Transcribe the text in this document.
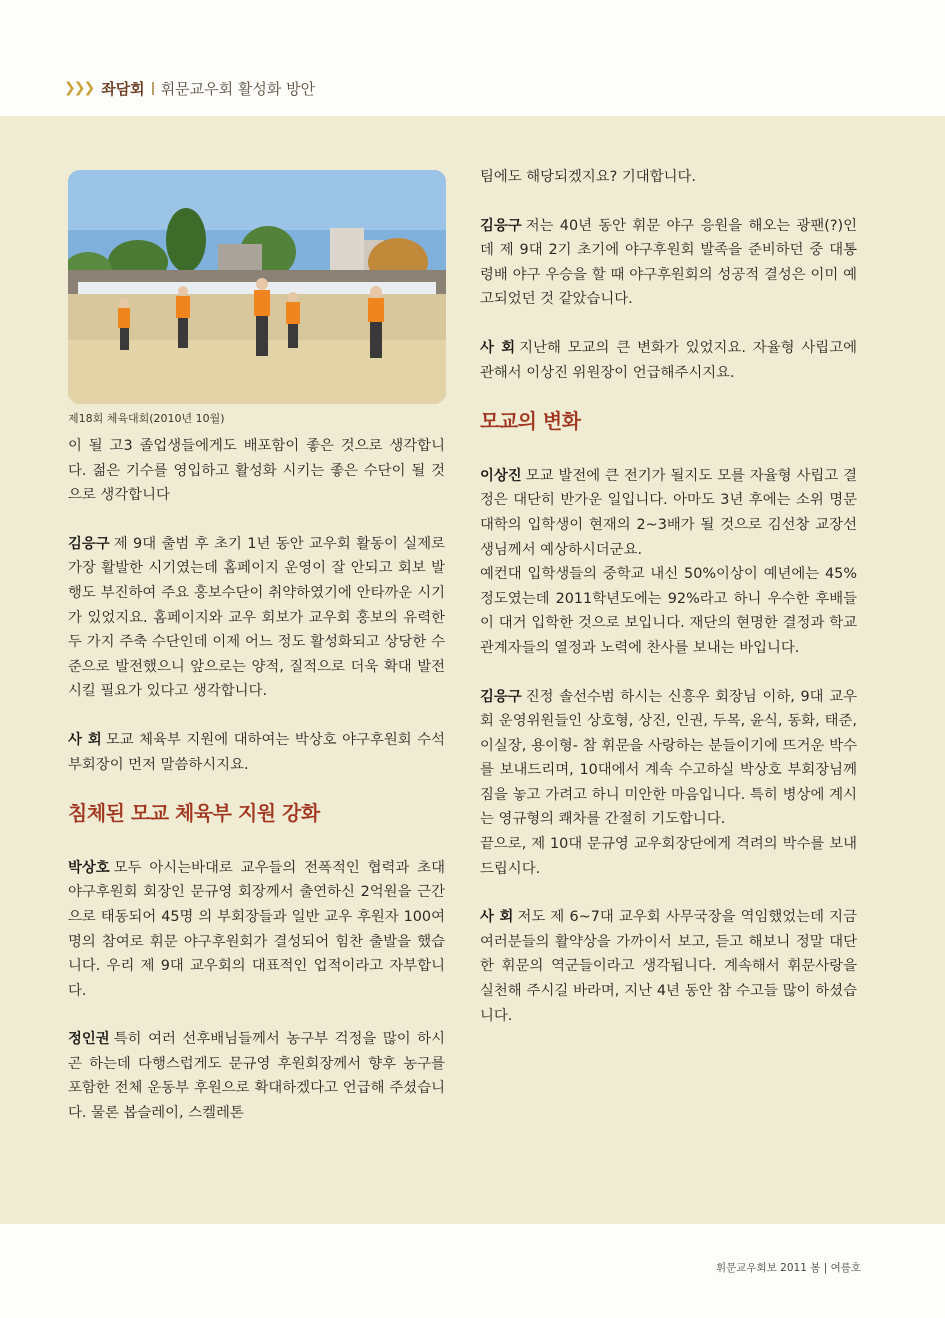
❯❯❯ 좌담회 휘문교우회 활성화 방안
제18회 체육대회(2010년 10월)

이 될 고3 졸업생들에게도 배포함이 좋은 것으로 생각합니다. 젊은 기수를 영입하고 활성화 시키는 좋은 수단이 될 것으로 생각합니다

김응구 제 9대 출범 후 초기 1년 동안 교우회 활동이 실제로 가장 활발한 시기였는데 홈페이지 운영이 잘 안되고 회보 발행도 부진하여 주요 홍보수단이 취약하였기에 안타까운 시기가 있었지요. 홈페이지와 교우 회보가 교우회 홍보의 유력한 두 가지 주축 수단인데 이제 어느 정도 활성화되고 상당한 수준으로 발전했으니 앞으로는 양적, 질적으로 더욱 확대 발전시킬 필요가 있다고 생각합니다.

사 회 모교 체육부 지원에 대하여는 박상호 야구후원회 수석부회장이 먼저 말씀하시지요.

침체된 모교 체육부 지원 강화

박상호 모두 아시는바대로 교우들의 전폭적인 협력과 초대 야구후원회 회장인 문규영 회장께서 출연하신 2억원을 근간으로 태동되어 45명 의 부회장들과 일반 교우 후원자 100여명의 참여로 휘문 야구후원회가 결성되어 힘찬 출발을 했습니다. 우리 제 9대 교우회의 대표적인 업적이라고 자부합니다.

정인권 특히 여러 선후배님들께서 농구부 걱정을 많이 하시곤 하는데 다행스럽게도 문규영 후원회장께서 향후 농구를 포함한 전체 운동부 후원으로 확대하겠다고 언급해 주셨습니다. 물론 봅슬레이, 스켈레톤

팀에도 해당되겠지요? 기대합니다.

김응구 저는 40년 동안 휘문 야구 응원을 해오는 광팬(?)인데 제 9대 2기 초기에 야구후원회 발족을 준비하던 중 대통령배 야구 우승을 할 때 야구후원회의 성공적 결성은 이미 예고되었던 것 같았습니다.

사 회 지난해 모교의 큰 변화가 있었지요. 자율형 사립고에 관해서 이상진 위원장이 언급해주시지요.

모교의 변화

이상진 모교 발전에 큰 전기가 될지도 모를 자율형 사립고 결정은 대단히 반가운 일입니다. 아마도 3년 후에는 소위 명문 대학의 입학생이 현재의 2~3배가 될 것으로 김선창 교장선생님께서 예상하시더군요.

예컨대 입학생들의 중학교 내신 50%이상이 예년에는 45% 정도였는데 2011학년도에는 92%라고 하니 우수한 후배들이 대거 입학한 것으로 보입니다. 재단의 현명한 결정과 학교 관계자들의 열정과 노력에 찬사를 보내는 바입니다.

김응구 진정 솔선수범 하시는 신흥우 회장님 이하, 9대 교우회 운영위원들인 상호형, 상진, 인권, 두목, 윤식, 동화, 태준, 이실장, 용이형- 참 휘문을 사랑하는 분들이기에 뜨거운 박수를 보내드리며, 10대에서 계속 수고하실 박상호 부회장님께 짐을 놓고 가려고 하니 미안한 마음입니다. 특히 병상에 계시는 영규형의 쾌차를 간절히 기도합니다.

끝으로, 제 10대 문규영 교우회장단에게 격려의 박수를 보내 드립시다.

사 회 저도 제 6~7대 교우회 사무국장을 역임했었는데 지금 여러분들의 활약상을 가까이서 보고, 듣고 해보니 정말 대단한 휘문의 역군들이라고 생각됩니다. 계속해서 휘문사랑을 실천해 주시길 바라며, 지난 4년 동안 참 수고들 많이 하셨습니다.

휘문교우회보 2011 봄 | 여름호
